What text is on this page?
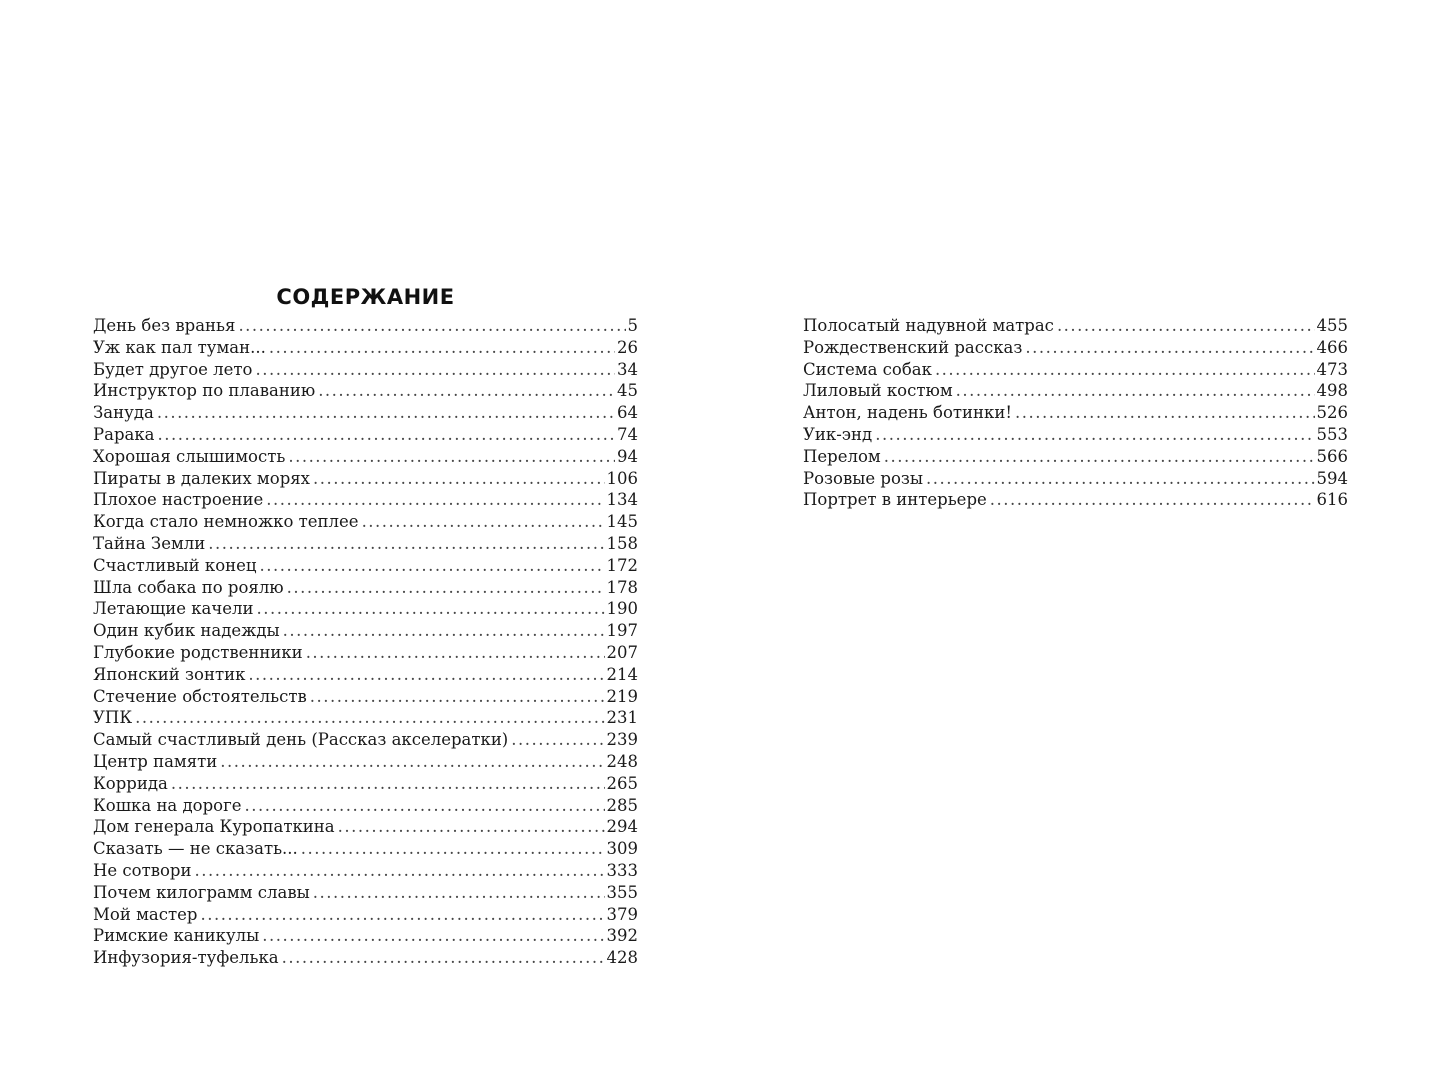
СОДЕРЖАНИЕ
День без вранья .....	5
Уж как пал туман... .....	26
Будет другое лето .....	34
Инструктор по плаванию .....	45
Зануда .....	64
Рарака .....	74
Хорошая слышимость .....	94
Пираты в далеких морях .....	106
Плохое настроение .....	134
Когда стало немножко теплее .....	145
Тайна Земли .....	158
Счастливый конец .....	172
Шла собака по роялю .....	178
Летающие качели .....	190
Один кубик надежды .....	197
Глубокие родственники .....	207
Японский зонтик .....	214
Стечение обстоятельств .....	219
УПК .....	231
Самый счастливый день (Рассказ акселератки) .....	239
Центр памяти .....	248
Коррида .....	265
Кошка на дороге .....	285
Дом генерала Куропаткина .....	294
Сказать — не сказать... .....	309
Не сотвори .....	333
Почем килограмм славы .....	355
Мой мастер .....	379
Римские каникулы .....	392
Инфузория-туфелька .....	428
Полосатый надувной матрас .....	455
Рождественский рассказ .....	466
Система собак .....	473
Лиловый костюм .....	498
Антон, надень ботинки! .....	526
Уик-энд .....	553
Перелом .....	566
Розовые розы .....	594
Портрет в интерьере .....	616
